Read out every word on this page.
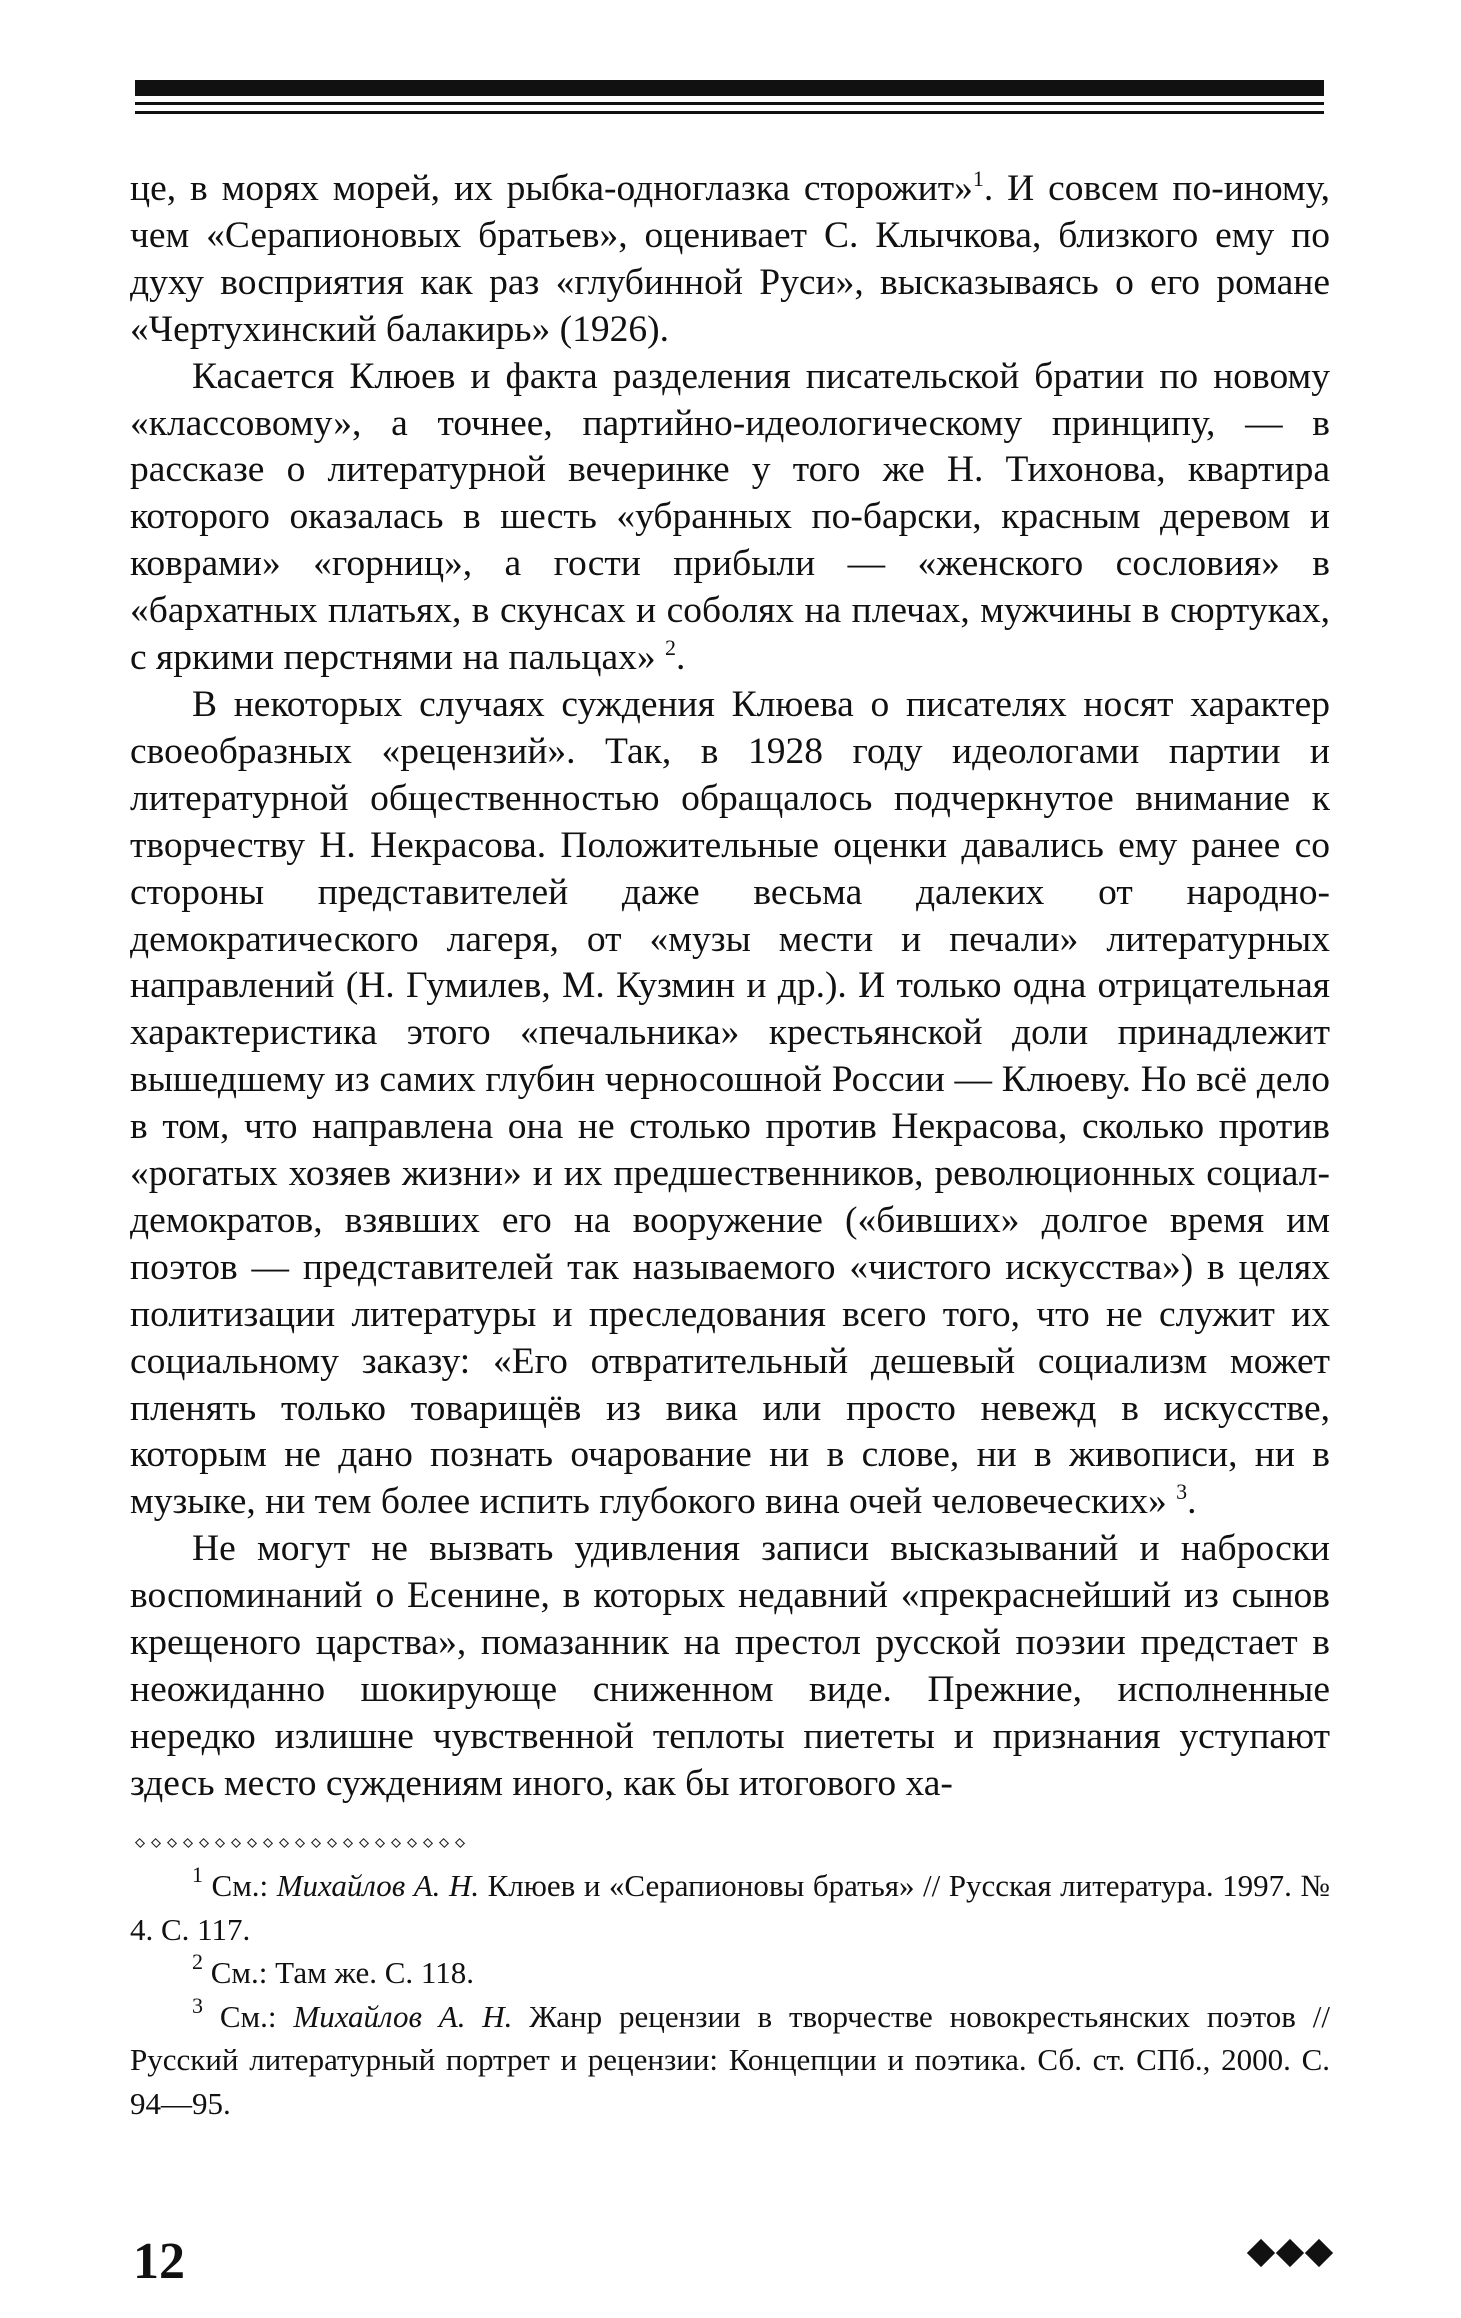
це, в морях морей, их рыбка-одноглазка сторожит»$^1$. И совсем по-иному, чем «Серапионовых братьев», оценивает С. Клычкова, близкого ему по духу восприятия как раз «глубинной Руси», высказываясь о его романе «Чертухинский балакирь» (1926).

Касается Клюев и факта разделения писательской братии по новому «классовому», а точнее, партийно-идеологическому принципу, — в рассказе о литературной вечеринке у того же Н. Тихонова, квартира которого оказалась в шесть «убранных по-барски, красным деревом и коврами» «горниц», а гости прибыли — «женского сословия» в «бархатных платьях, в скунсах и соболях на плечах, мужчины в сюртуках, с яркими перстнями на пальцах» $^2$.

В некоторых случаях суждения Клюева о писателях носят характер своеобразных «рецензий». Так, в 1928 году идеологами партии и литературной общественностью обращалось подчеркнутое внимание к творчеству Н. Некрасова. Положительные оценки давались ему ранее со стороны представителей даже весьма далеких от народно-демократического лагеря, от «музы мести и печали» литературных направлений (Н. Гумилев, М. Кузмин и др.). И только одна отрицательная характеристика этого «печальника» крестьянской доли принадлежит вышедшему из самих глубин черносошной России — Клюеву. Но всё дело в том, что направлена она не столько против Некрасова, сколько против «рогатых хозяев жизни» и их предшественников, революционных социал-демократов, взявших его на вооружение («бивших» долгое время им поэтов — представителей так называемого «чистого искусства») в целях политизации литературы и преследования всего того, что не служит их социальному заказу: «Его отвратительный дешевый социализм может пленять только товарищёв из вика или просто невежд в искусстве, которым не дано познать очарование ни в слове, ни в живописи, ни в музыке, ни тем более испить глубокого вина очей человеческих» $^3$.

Не могут не вызвать удивления записи высказываний и наброски воспоминаний о Есенине, в которых недавний «прекраснейший из сынов крещеного царства», помазанник на престол русской поэзии предстает в неожиданно шокирующе сниженном виде. Прежние, исполненные нередко излишне чувственной теплоты пиететы и признания уступают здесь место суждениям иного, как бы итогового ха-

$^1$ См.: Михайлов А. Н. Клюев и «Серапионовы братья» // Русская литература. 1997. № 4. С. 117.

$^2$ См.: Там же. С. 118.

$^3$ См.: Михайлов А. Н. Жанр рецензии в творчестве новокрестьянских поэтов // Русский литературный портрет и рецензии: Концепции и поэтика. Сб. ст. СПб., 2000. С. 94—95.

12
